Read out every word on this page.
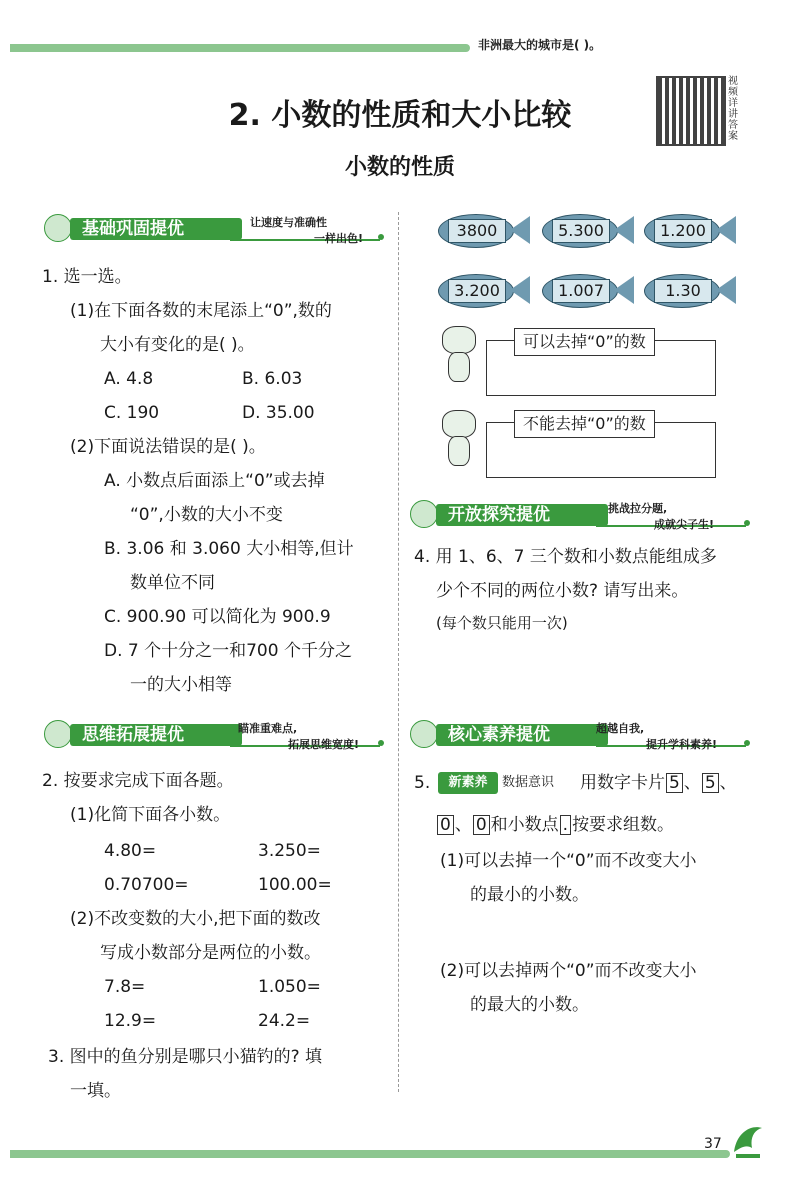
非洲最大的城市是( )。
视频详讲答案
2. 小数的性质和大小比较
小数的性质
基础巩固提优	让速度与准确性
一样出色!
1. 选一选。
(1)在下面各数的末尾添上“0”,数的
大小有变化的是( )。
A. 4.8	B. 6.03
C. 190	D. 35.00
(2)下面说法错误的是( )。
A. 小数点后面添上“0”或去掉
“0”,小数的大小不变
B. 3.06 和 3.060 大小相等,但计
数单位不同
C. 900.90 可以简化为 900.9
D. 7 个十分之一和700 个千分之
一的大小相等
思维拓展提优	瞄准重难点,
拓展思维宽度!
2. 按要求完成下面各题。
(1)化简下面各小数。
4.80=	3.250=
0.70700=	100.00=
(2)不改变数的大小,把下面的数改
写成小数部分是两位的小数。
7.8=	1.050=
12.9=	24.2=
3. 图中的鱼分别是哪只小猫钓的? 填
一填。
3800	5.300	1.200
3.200	1.007	1.30
可以去掉“0”的数
不能去掉“0”的数
开放探究提优	挑战拉分题,
成就尖子生!
4. 用 1、6、7 三个数和小数点能组成多
少个不同的两位小数? 请写出来。
(每个数只能用一次)
核心素养提优	超越自我,
提升学科素养!
5.	新素养	数据意识 用数字卡片 5 、 5 、
0 、 0 和小数点 . 按要求组数。
(1)可以去掉一个“0”而不改变大小
的最小的小数。
(2)可以去掉两个“0”而不改变大小
的最大的小数。
37
